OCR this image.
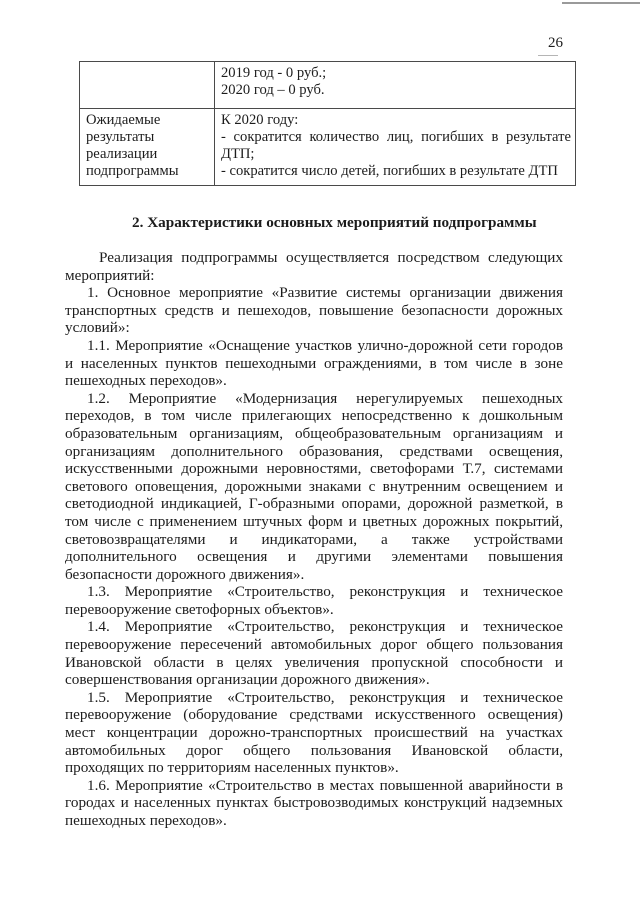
26

	2019 год - 0 руб.;
2020 год – 0 руб.

Ожидаемые результаты реализации подпрограммы	К 2020 году:
- сократится количество лиц, погибших в результате ДТП;
- сократится число детей, погибших в результате ДТП
2. Характеристики основных мероприятий подпрограммы

Реализация подпрограммы осуществляется посредством следующих мероприятий:

1. Основное мероприятие «Развитие системы организации движения транспортных средств и пешеходов, повышение безопасности дорожных условий»:

1.1. Мероприятие «Оснащение участков улично-дорожной сети городов и населенных пунктов пешеходными ограждениями, в том числе в зоне пешеходных переходов».

1.2. Мероприятие «Модернизация нерегулируемых пешеходных переходов, в том числе прилегающих непосредственно к дошкольным образовательным организациям, общеобразовательным организациям и организациям дополнительного образования, средствами освещения, искусственными дорожными неровностями, светофорами Т.7, системами светового оповещения, дорожными знаками с внутренним освещением и светодиодной индикацией, Г-образными опорами, дорожной разметкой, в том числе с применением штучных форм и цветных дорожных покрытий, световозвращателями и индикаторами, а также устройствами дополнительного освещения и другими элементами повышения безопасности дорожного движения».

1.3. Мероприятие «Строительство, реконструкция и техническое перевооружение светофорных объектов».

1.4. Мероприятие «Строительство, реконструкция и техническое перевооружение пересечений автомобильных дорог общего пользования Ивановской области в целях увеличения пропускной способности и совершенствования организации дорожного движения».

1.5. Мероприятие «Строительство, реконструкция и техническое перевооружение (оборудование средствами искусственного освещения) мест концентрации дорожно-транспортных происшествий на участках автомобильных дорог общего пользования Ивановской области, проходящих по территориям населенных пунктов».

1.6. Мероприятие «Строительство в местах повышенной аварийности в городах и населенных пунктах быстровозводимых конструкций надземных пешеходных переходов».
